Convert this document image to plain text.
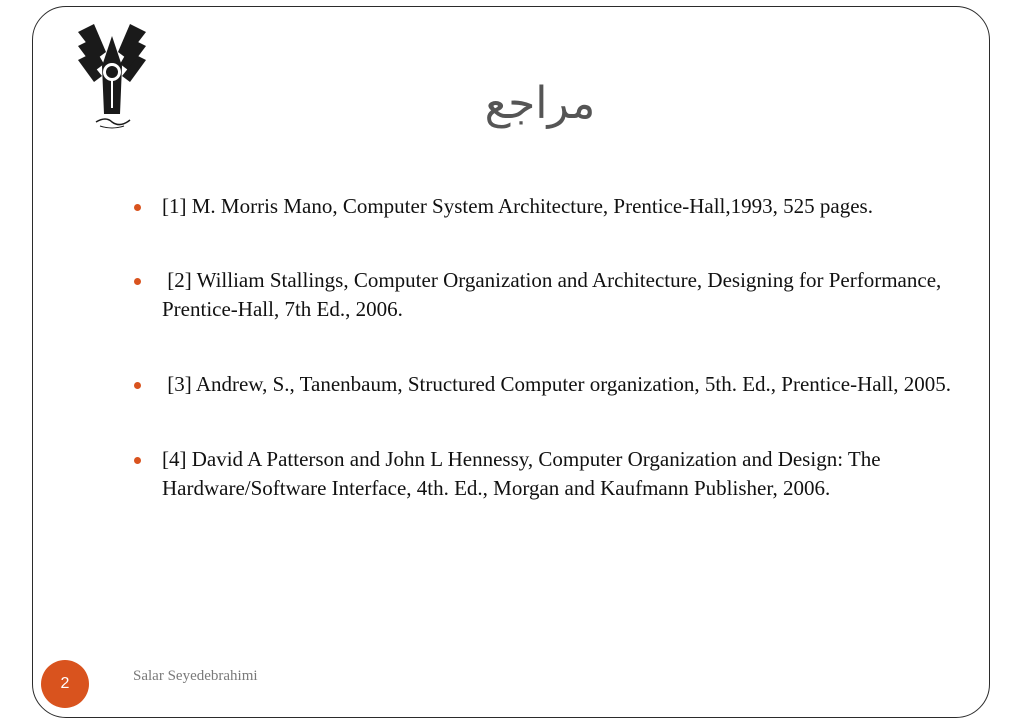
مراجع
[1] M. Morris Mano, Computer System Architecture, Prentice-Hall,1993, 525 pages.
[2] William Stallings, Computer Organization and Architecture, Designing for Performance, Prentice-Hall, 7th Ed., 2006.
[3] Andrew, S., Tanenbaum, Structured Computer organization, 5th. Ed., Prentice-Hall, 2005.
[4] David A Patterson and John L Hennessy, Computer Organization and Design: The Hardware/Software Interface, 4th. Ed., Morgan and Kaufmann Publisher, 2006.
2	Salar Seyedebrahimi
